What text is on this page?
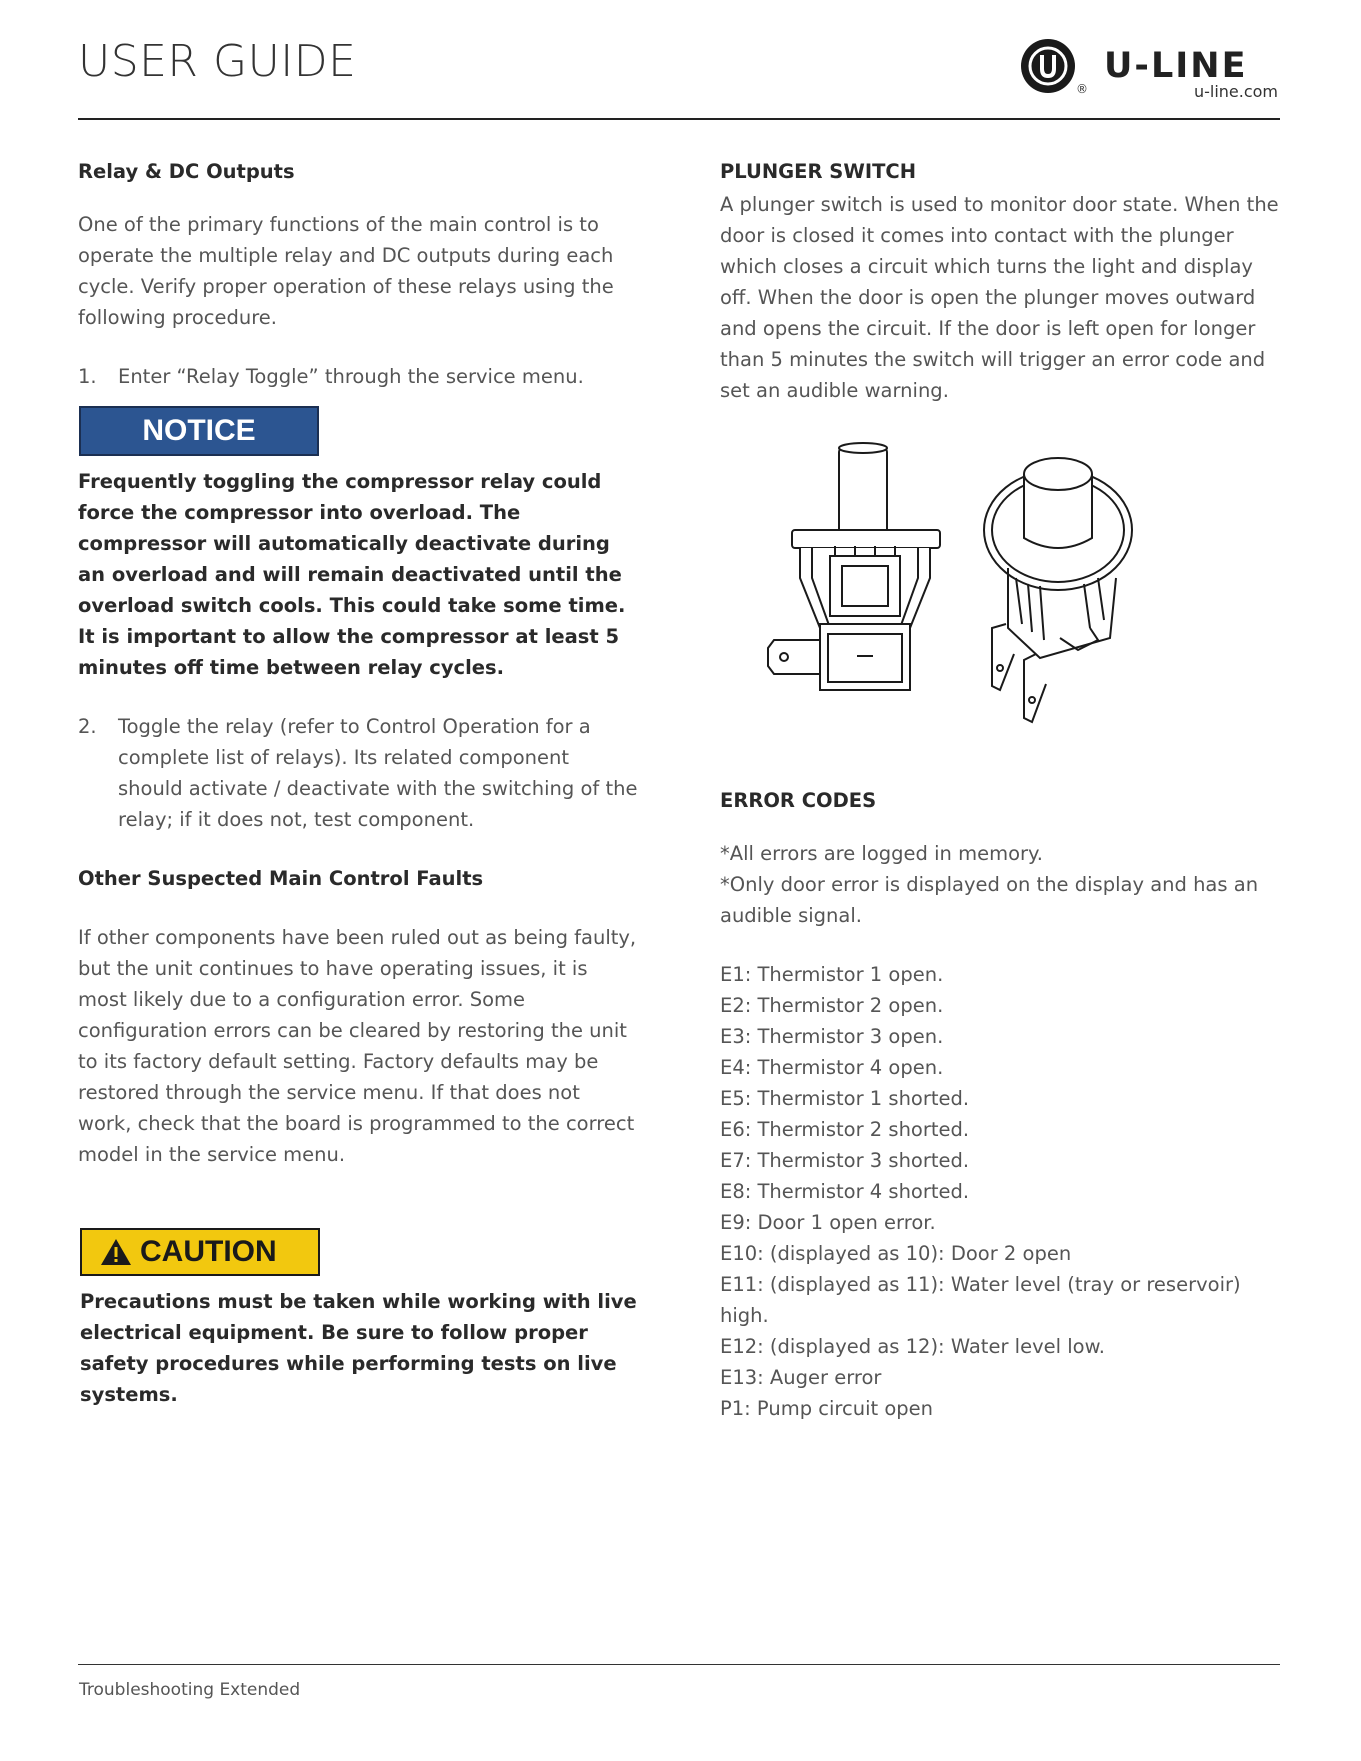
USER GUIDE
®
U-LINE
u-line.com

Relay & DC Outputs

One of the primary functions of the main control is to operate the multiple relay and DC outputs during each cycle. Verify proper operation of these relays using the following procedure.

1. Enter “Relay Toggle” through the service menu.
NOTICE

Frequently toggling the compressor relay could force the compressor into overload. The compressor will automatically deactivate during an overload and will remain deactivated until the overload switch cools. This could take some time. It is important to allow the compressor at least 5 minutes off time between relay cycles.

2. Toggle the relay (refer to Control Operation for a complete list of relays). Its related component should activate / deactivate with the switching of the relay; if it does not, test component.

Other Suspected Main Control Faults

If other components have been ruled out as being faulty, but the unit continues to have operating issues, it is most likely due to a configuration error. Some configuration errors can be cleared by restoring the unit to its factory default setting. Factory defaults may be restored through the service menu. If that does not work, check that the board is programmed to the correct model in the service menu.

CAUTION

Precautions must be taken while working with live electrical equipment. Be sure to follow proper safety procedures while performing tests on live systems.

PLUNGER SWITCH

A plunger switch is used to monitor door state. When the door is closed it comes into contact with the plunger which closes a circuit which turns the light and display off. When the door is open the plunger moves outward and opens the circuit. If the door is left open for longer than 5 minutes the switch will trigger an error code and set an audible warning.

ERROR CODES

*All errors are logged in memory.

*Only door error is displayed on the display and has an audible signal.

E1: Thermistor 1 open.

E2: Thermistor 2 open.

E3: Thermistor 3 open.

E4: Thermistor 4 open.

E5: Thermistor 1 shorted.

E6: Thermistor 2 shorted.

E7: Thermistor 3 shorted.

E8: Thermistor 4 shorted.

E9: Door 1 open error.

E10: (displayed as 10): Door 2 open

E11: (displayed as 11): Water level (tray or reservoir) high.

E12: (displayed as 12): Water level low.

E13: Auger error

P1: Pump circuit open

Troubleshooting Extended
